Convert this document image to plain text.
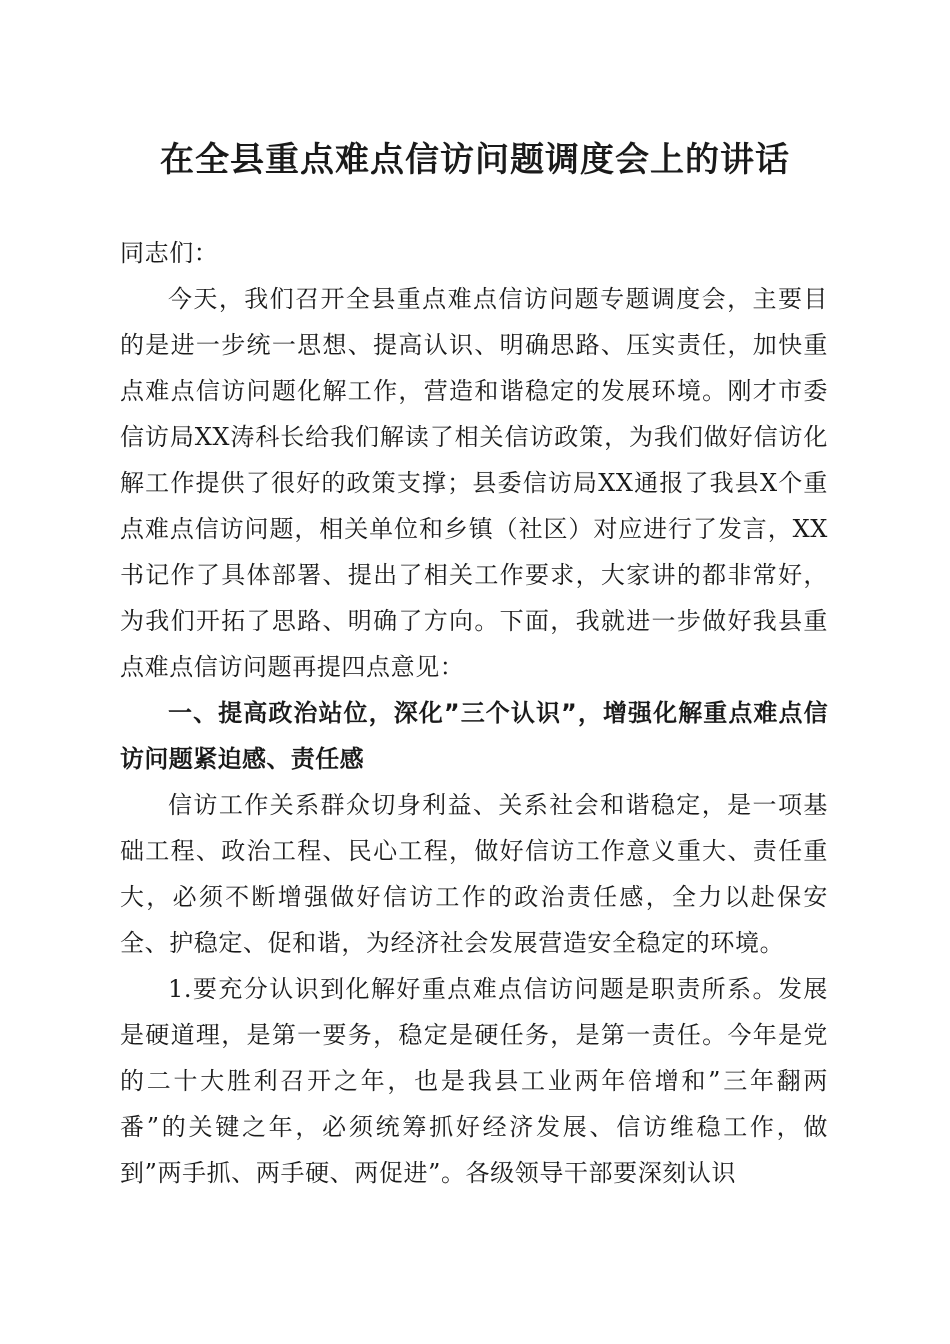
在全县重点难点信访问题调度会上的讲话

同志们：

今天，我们召开全县重点难点信访问题专题调度会，主要目的是进一步统一思想、提高认识、明确思路、压实责任，加快重点难点信访问题化解工作，营造和谐稳定的发展环境。刚才市委信访局XX涛科长给我们解读了相关信访政策，为我们做好信访化解工作提供了很好的政策支撑；县委信访局XX通报了我县X个重点难点信访问题，相关单位和乡镇（社区）对应进行了发言，XX书记作了具体部署、提出了相关工作要求，大家讲的都非常好，为我们开拓了思路、明确了方向。下面，我就进一步做好我县重点难点信访问题再提四点意见：

一、提高政治站位，深化”三个认识”，增强化解重点难点信访问题紧迫感、责任感

信访工作关系群众切身利益、关系社会和谐稳定，是一项基础工程、政治工程、民心工程，做好信访工作意义重大、责任重大，必须不断增强做好信访工作的政治责任感，全力以赴保安全、护稳定、促和谐，为经济社会发展营造安全稳定的环境。

1.要充分认识到化解好重点难点信访问题是职责所系。发展是硬道理，是第一要务，稳定是硬任务，是第一责任。今年是党的二十大胜利召开之年，也是我县工业两年倍增和”三年翻两番”的关键之年，必须统筹抓好经济发展、信访维稳工作，做到”两手抓、两手硬、两促进”。各级领导干部要深刻认识
